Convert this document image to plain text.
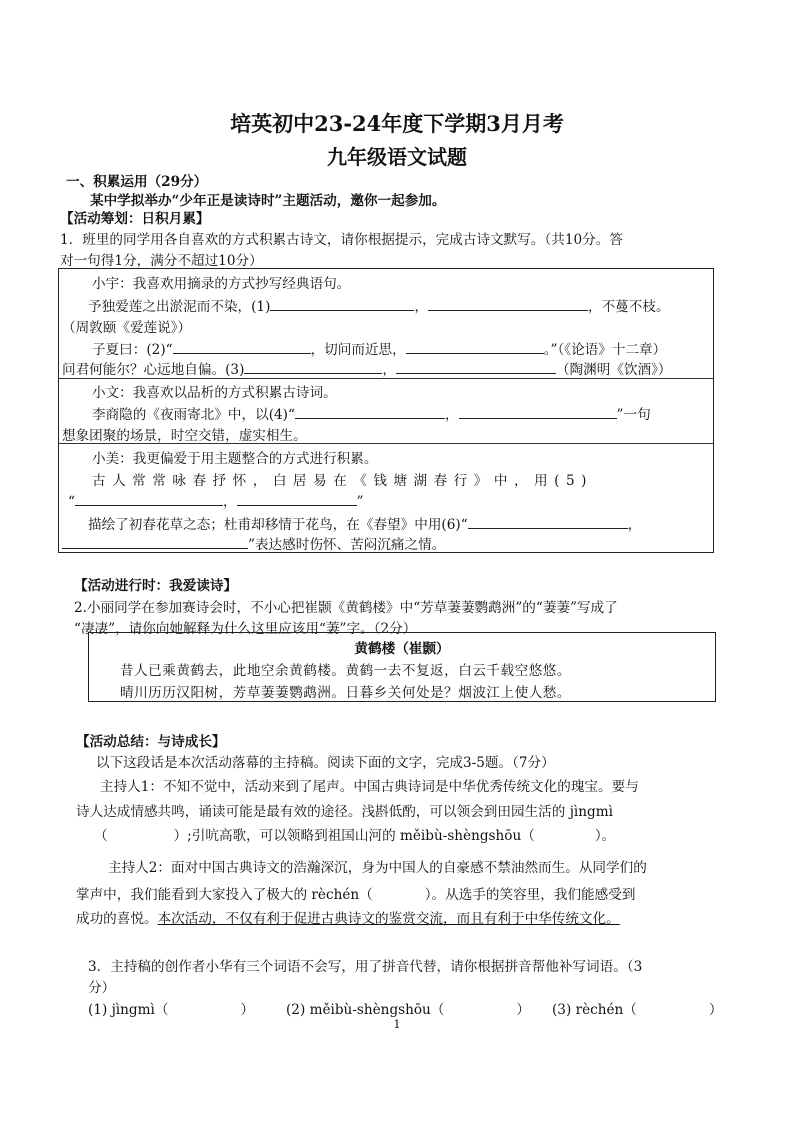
培英初中23-24年度下学期3月月考
九年级语文试题
一、积累运用（29分）
某中学拟举办“少年正是读诗时”主题活动，邀你一起参加。
【活动筹划：日积月累】
1．班里的同学用各自喜欢的方式积累古诗文，请你根据提示，完成古诗文默写。（共10分。答
对一句得1分，满分不超过10分）
小宇：我喜欢用摘录的方式抄写经典语句。
予独爱莲之出淤泥而不染，(1)	，	，不蔓不枝。
（周敦颐《爱莲说》）
子夏曰：(2)“	，切问而近思，	。”（《论语》十二章）
问君何能尔？心远地自偏。(3)	，	（陶渊明《饮酒》）
小文：我喜欢以品析的方式积累古诗词。
李商隐的《夜雨寄北》中，以(4)“	，	”一句
想象团聚的场景，时空交错，虚实相生。
小美：我更偏爱于用主题整合的方式进行积累。
古人常常咏春抒怀，白居易在《钱塘湖春行》中，用(5)
“	，	”
描绘了初春花草之态；杜甫却移情于花鸟，在《春望》中用(6)“	，
”表达感时伤怀、苦闷沉痛之情。
【活动进行时：我爱读诗】
2.小丽同学在参加赛诗会时，不小心把崔颢《黄鹤楼》中“芳草萋萋鹦鹉洲”的“萋萋”写成了
“凄凄”，请你向她解释为什么这里应该用“萋”字。（2分）
黄鹤楼（崔颢）
昔人已乘黄鹤去，此地空余黄鹤楼。黄鹤一去不复返，白云千载空悠悠。
晴川历历汉阳树，芳草萋萋鹦鹉洲。日暮乡关何处是？烟波江上使人愁。
【活动总结：与诗成长】
以下这段话是本次活动落幕的主持稿。阅读下面的文字，完成3-5题。（7分）
主持人1：不知不觉中，活动来到了尾声。中国古典诗词是中华优秀传统文化的瑰宝。要与
诗人达成情感共鸣，诵读可能是最有效的途径。浅斟低酌，可以领会到田园生活的 jìngmì
（	）;引吭高歌，可以领略到祖国山河的 měibù-shèngshōu（	）。
主持人2：面对中国古典诗文的浩瀚深沉，身为中国人的自豪感不禁油然而生。从同学们的
掌声中，我们能看到大家投入了极大的 rèchén（	）。从选手的笑容里，我们能感受到
成功的喜悦。本次活动，不仅有利于促进古典诗文的鉴赏交流，而且有利于中华传统文化。
3．主持稿的创作者小华有三个词语不会写，用了拼音代替，请你根据拼音帮他补写词语。（3
分）
(1) jìngmì（	） (2) měibù-shèngshōu（	） (3) rèchén（	）
1
